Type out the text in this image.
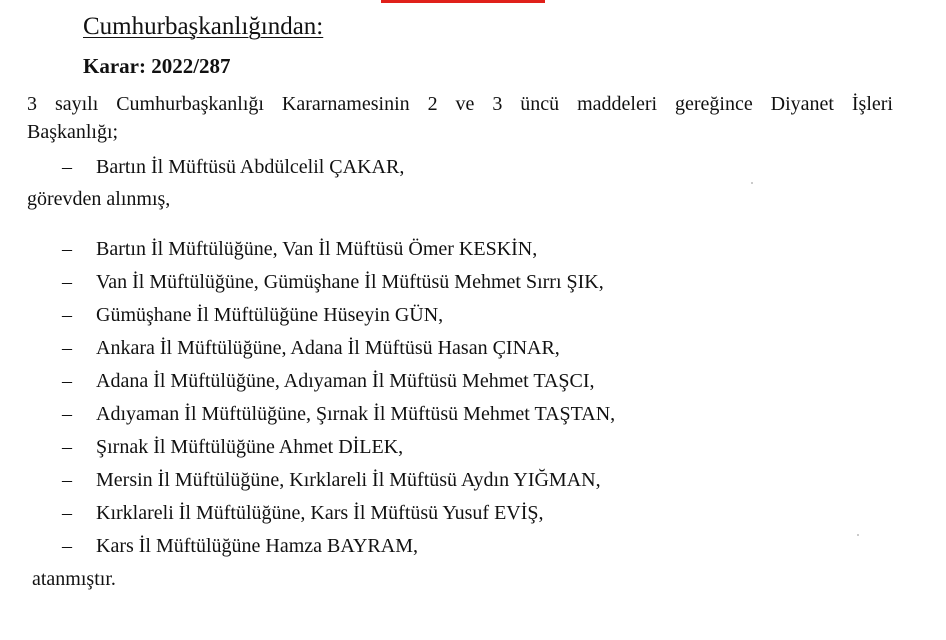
Cumhurbaşkanlığından:
Karar: 2022/287
3 sayılı Cumhurbaşkanlığı Kararnamesinin 2 ve 3 üncü maddeleri gereğince Diyanet İşleri
Başkanlığı;
– Bartın İl Müftüsü Abdülcelil ÇAKAR,
görevden alınmış,
– Bartın İl Müftülüğüne, Van İl Müftüsü Ömer KESKİN,
– Van İl Müftülüğüne, Gümüşhane İl Müftüsü Mehmet Sırrı ŞIK,
– Gümüşhane İl Müftülüğüne Hüseyin GÜN,
– Ankara İl Müftülüğüne, Adana İl Müftüsü Hasan ÇINAR,
– Adana İl Müftülüğüne, Adıyaman İl Müftüsü Mehmet TAŞCI,
– Adıyaman İl Müftülüğüne, Şırnak İl Müftüsü Mehmet TAŞTAN,
– Şırnak İl Müftülüğüne Ahmet DİLEK,
– Mersin İl Müftülüğüne, Kırklareli İl Müftüsü Aydın YIĞMAN,
– Kırklareli İl Müftülüğüne, Kars İl Müftüsü Yusuf EVİŞ,
– Kars İl Müftülüğüne Hamza BAYRAM,
atanmıştır.
